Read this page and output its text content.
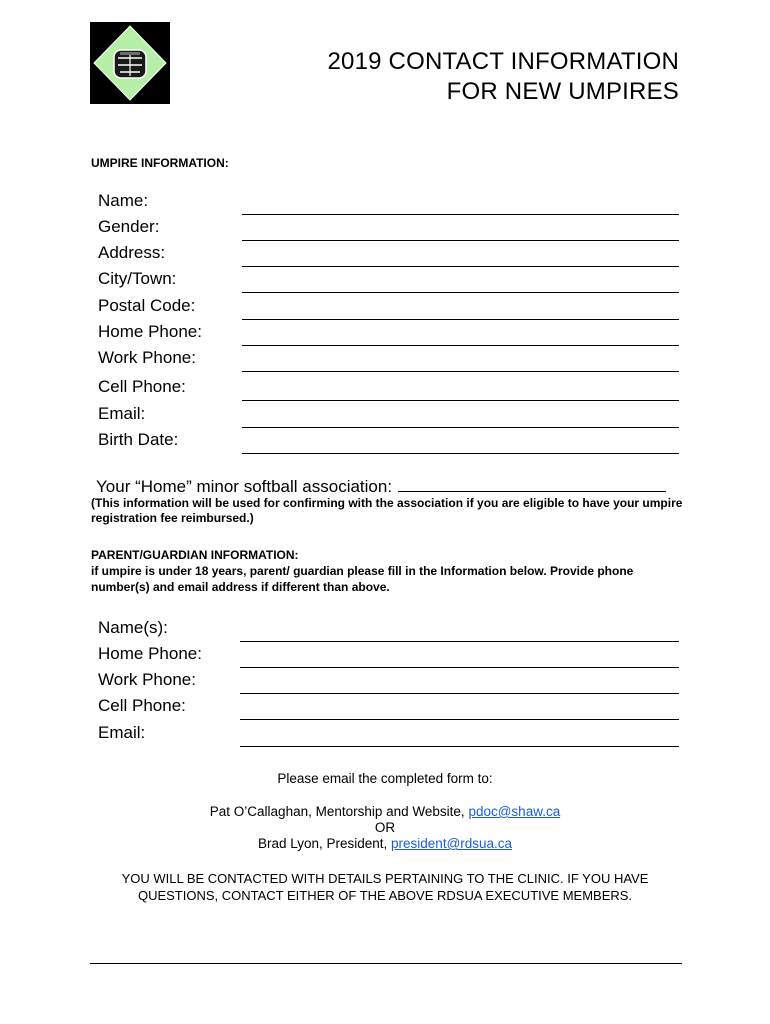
2019 CONTACT INFORMATION
FOR NEW UMPIRES
UMPIRE INFORMATION:
Name:
Gender:
Address:
City/Town:
Postal Code:
Home Phone:
Work Phone:
Cell Phone:
Email:
Birth Date:
Your “Home” minor softball association:
(This information will be used for confirming with the association if you are eligible to have your umpire registration fee reimbursed.)
PARENT/GUARDIAN INFORMATION:
if umpire is under 18 years, parent/ guardian please fill in the Information below. Provide phone number(s) and email address if different than above.
Name(s):
Home Phone:
Work Phone:
Cell Phone:
Email:
Please email the completed form to:
Pat O’Callaghan, Mentorship and Website, pdoc@shaw.ca
OR
Brad Lyon, President, president@rdsua.ca
YOU WILL BE CONTACTED WITH DETAILS PERTAINING TO THE CLINIC. IF YOU HAVE QUESTIONS, CONTACT EITHER OF THE ABOVE RDSUA EXECUTIVE MEMBERS.
